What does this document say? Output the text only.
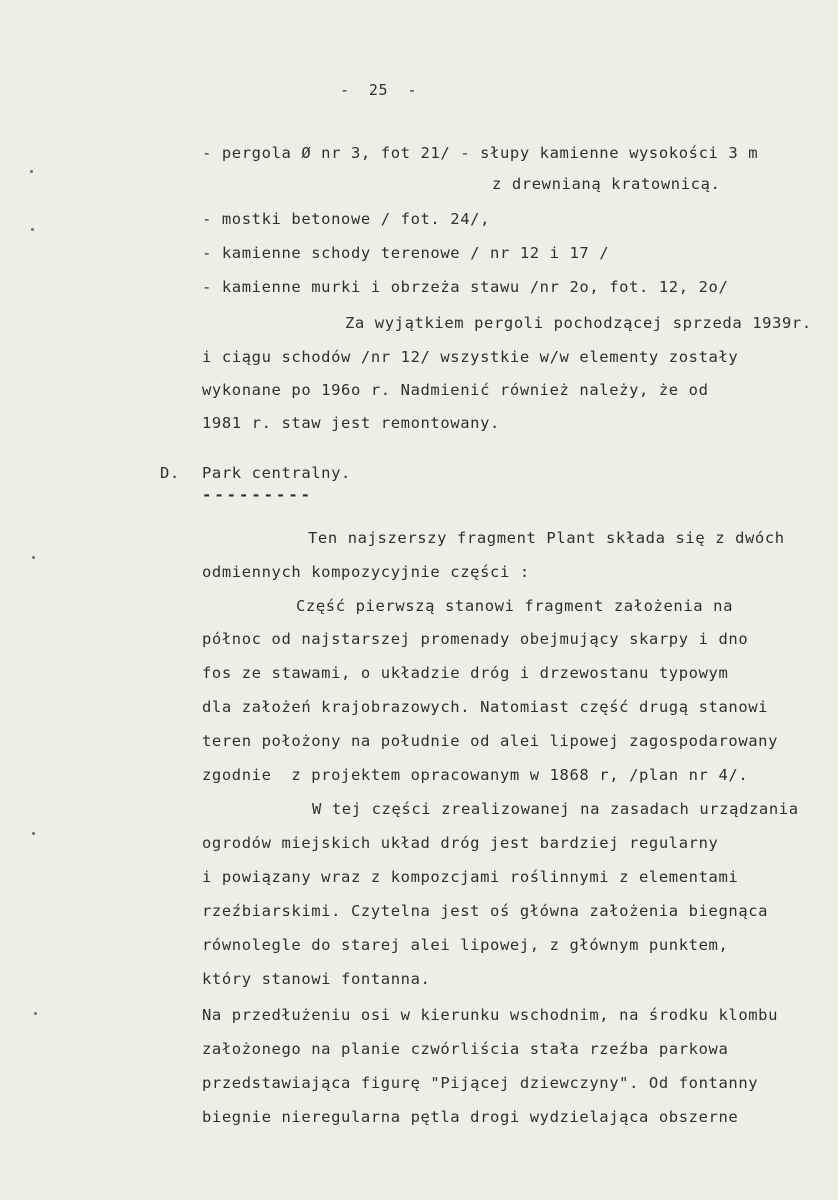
-  25  -
- pergola Ø nr 3, fot 21/ - słupy kamienne wysokości 3 m
z drewnianą kratownicą.
- mostki betonowe / fot. 24/,
- kamienne schody terenowe / nr 12 i 17 /
- kamienne murki i obrzeża stawu /nr 2o, fot. 12, 2o/
Za wyjątkiem pergoli pochodzącej sprzeda 1939r.
i ciągu schodów /nr 12/ wszystkie w/w elementy zostały
wykonane po 196o r. Nadmienić również należy, że od
1981 r. staw jest remontowany.
D. Park centralny.
---------
Ten najszerszy fragment Plant składa się z dwóch
odmiennych kompozycyjnie części :
Część pierwszą stanowi fragment założenia na
północ od najstarszej promenady obejmujący skarpy i dno
fos ze stawami, o układzie dróg i drzewostanu typowym
dla założeń krajobrazowych. Natomiast część drugą stanowi
teren położony na południe od alei lipowej zagospodarowany
zgodnie  z projektem opracowanym w 1868 r, /plan nr 4/.
W tej części zrealizowanej na zasadach urządzania
ogrodów miejskich układ dróg jest bardziej regularny
i powiązany wraz z kompozcjami roślinnymi z elementami
rzeźbiarskimi. Czytelna jest oś główna założenia biegnąca
równolegle do starej alei lipowej, z głównym punktem,
który stanowi fontanna.
Na przedłużeniu osi w kierunku wschodnim, na środku klombu
założonego na planie czwórliścia stała rzeźba parkowa
przedstawiająca figurę "Pijącej dziewczyny". Od fontanny
biegnie nieregularna pętla drogi wydzielająca obszerne
